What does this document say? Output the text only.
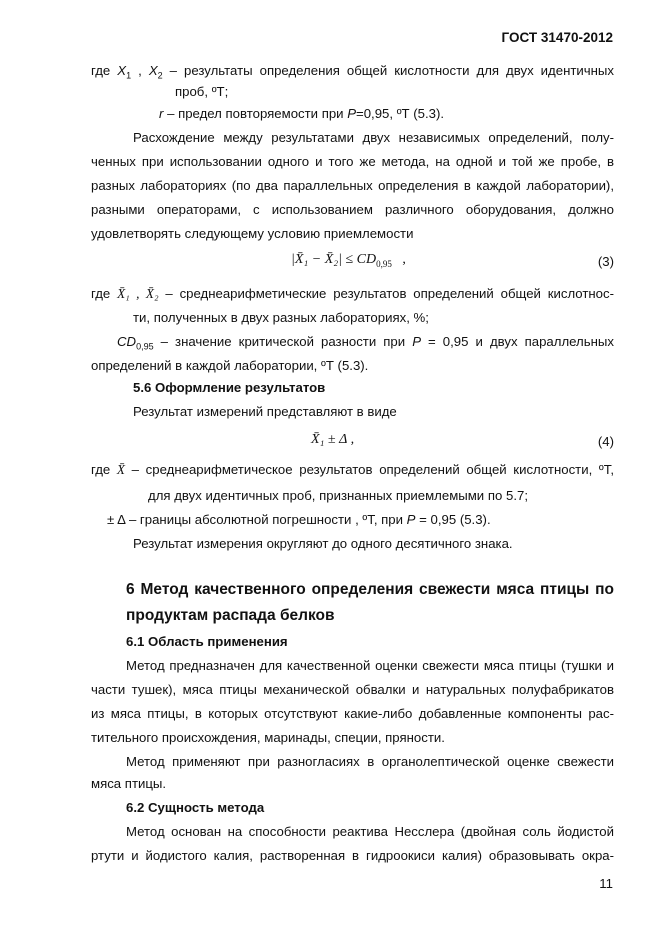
ГОСТ 31470-2012

где $X_1$ , $X_2$ – результаты определения общей кислотности для двух идентичных

проб, ºТ;

r – предел повторяемости при P=0,95, ºТ (5.3).

Расхождение между результатами двух независимых определений, полу-

ченных при использовании одного и того же метода, на одной и той же пробе, в

разных лабораториях (по два параллельных определения в каждой лаборатории),

разными операторами, с использованием различного оборудования, должно

удовлетворять следующему условию приемлемости

|X̄₁ − X̄₂| ≤ $CD_{0,95}$ ,	(3)

где X̄₁ , X̄₂ – среднеарифметические результатов определений общей кислотнос-

ти, полученных в двух разных лабораториях, %;

$CD_{0,95}$ – значение критической разности при P = 0,95 и двух параллельных

определений в каждой лаборатории, ºТ (5.3).

5.6 Оформление результатов

Результат измерений представляют в виде

X̄₁ ± Δ ,	(4)

где X̄ – среднеарифметическое результатов определений общей кислотности, ºТ,

для двух идентичных проб, признанных приемлемыми по 5.7;

± Δ – границы абсолютной погрешности , ºТ, при P = 0,95 (5.3).

Результат измерения округляют до одного десятичного знака.

6 Метод качественного определения свежести мяса птицы по

продуктам распада белков

6.1 Область применения

Метод предназначен для качественной оценки свежести мяса птицы (тушки и

части тушек), мяса птицы механической обвалки и натуральных полуфабрикатов

из мяса птицы, в которых отсутствуют какие-либо добавленные компоненты рас-

тительного происхождения, маринады, специи, пряности.

Метод применяют при разногласиях в органолептической оценке свежести

мяса птицы.

6.2 Сущность метода

Метод основан на способности реактива Несслера (двойная соль йодистой

ртути и йодистого калия, растворенная в гидроокиси калия) образовывать окра-

11
